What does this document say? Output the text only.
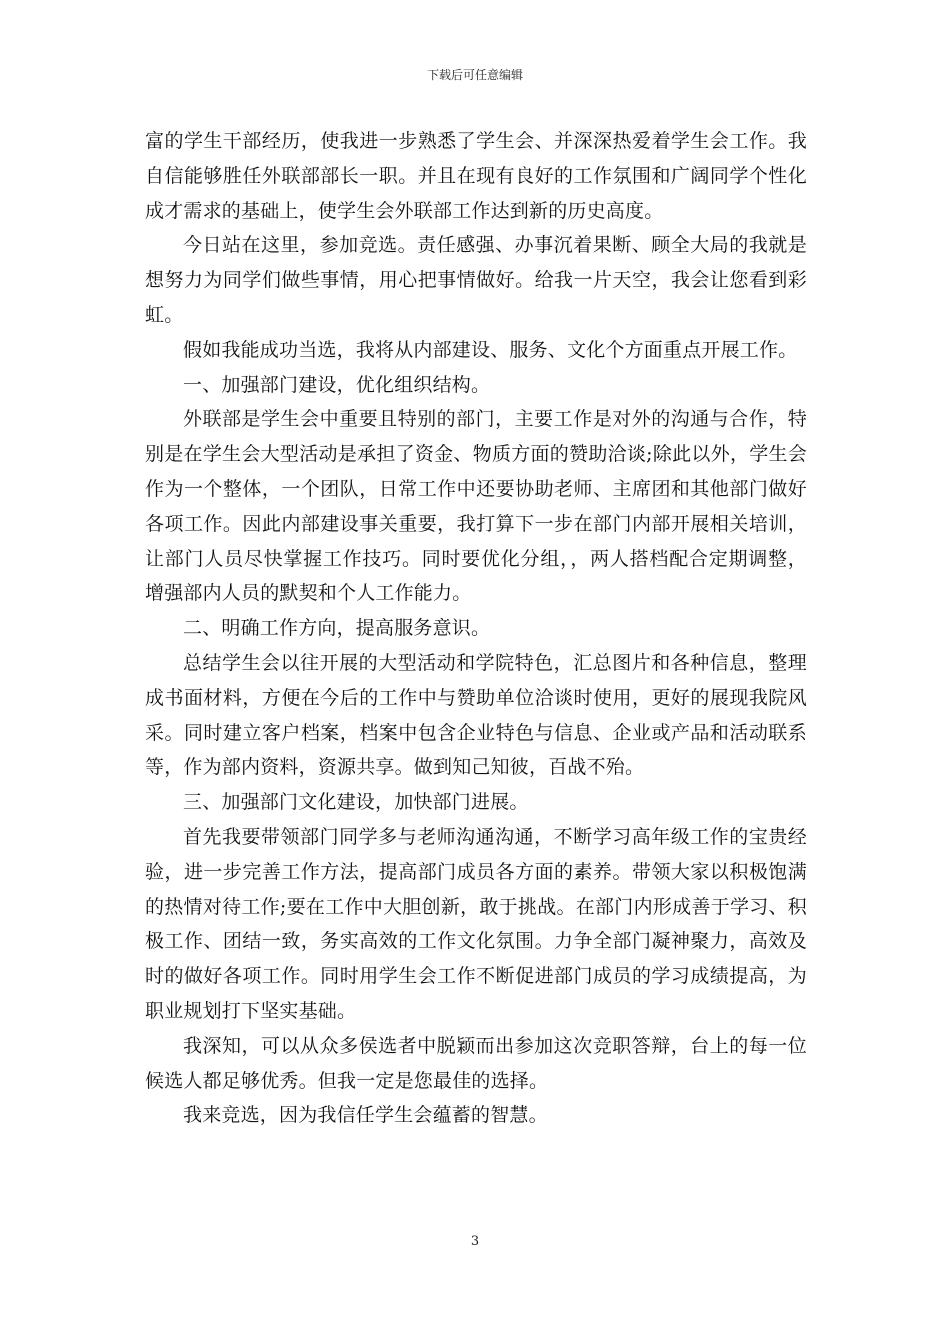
下载后可任意编辑

富的学生干部经历，使我进一步熟悉了学生会、并深深热爱着学生会工作。我自信能够胜任外联部部长一职。并且在现有良好的工作氛围和广阔同学个性化成才需求的基础上，使学生会外联部工作达到新的历史高度。

今日站在这里，参加竞选。责任感强、办事沉着果断、顾全大局的我就是想努力为同学们做些事情，用心把事情做好。给我一片天空，我会让您看到彩虹。

假如我能成功当选，我将从内部建设、服务、文化个方面重点开展工作。

一、加强部门建设，优化组织结构。

外联部是学生会中重要且特别的部门，主要工作是对外的沟通与合作，特别是在学生会大型活动是承担了资金、物质方面的赞助洽谈;除此以外，学生会作为一个整体，一个团队，日常工作中还要协助老师、主席团和其他部门做好各项工作。因此内部建设事关重要，我打算下一步在部门内部开展相关培训，让部门人员尽快掌握工作技巧。同时要优化分组，，两人搭档配合定期调整，增强部内人员的默契和个人工作能力。

二、明确工作方向，提高服务意识。

总结学生会以往开展的大型活动和学院特色，汇总图片和各种信息，整理成书面材料，方便在今后的工作中与赞助单位洽谈时使用，更好的展现我院风采。同时建立客户档案，档案中包含企业特色与信息、企业或产品和活动联系等，作为部内资料，资源共享。做到知己知彼，百战不殆。

三、加强部门文化建设，加快部门进展。

首先我要带领部门同学多与老师沟通沟通，不断学习高年级工作的宝贵经验，进一步完善工作方法，提高部门成员各方面的素养。带领大家以积极饱满的热情对待工作;要在工作中大胆创新，敢于挑战。在部门内形成善于学习、积极工作、团结一致，务实高效的工作文化氛围。力争全部门凝神聚力，高效及时的做好各项工作。同时用学生会工作不断促进部门成员的学习成绩提高，为职业规划打下坚实基础。

我深知，可以从众多侯选者中脱颖而出参加这次竞职答辩，台上的每一位候选人都足够优秀。但我一定是您最佳的选择。

我来竞选，因为我信任学生会蕴蓄的智慧。

3
